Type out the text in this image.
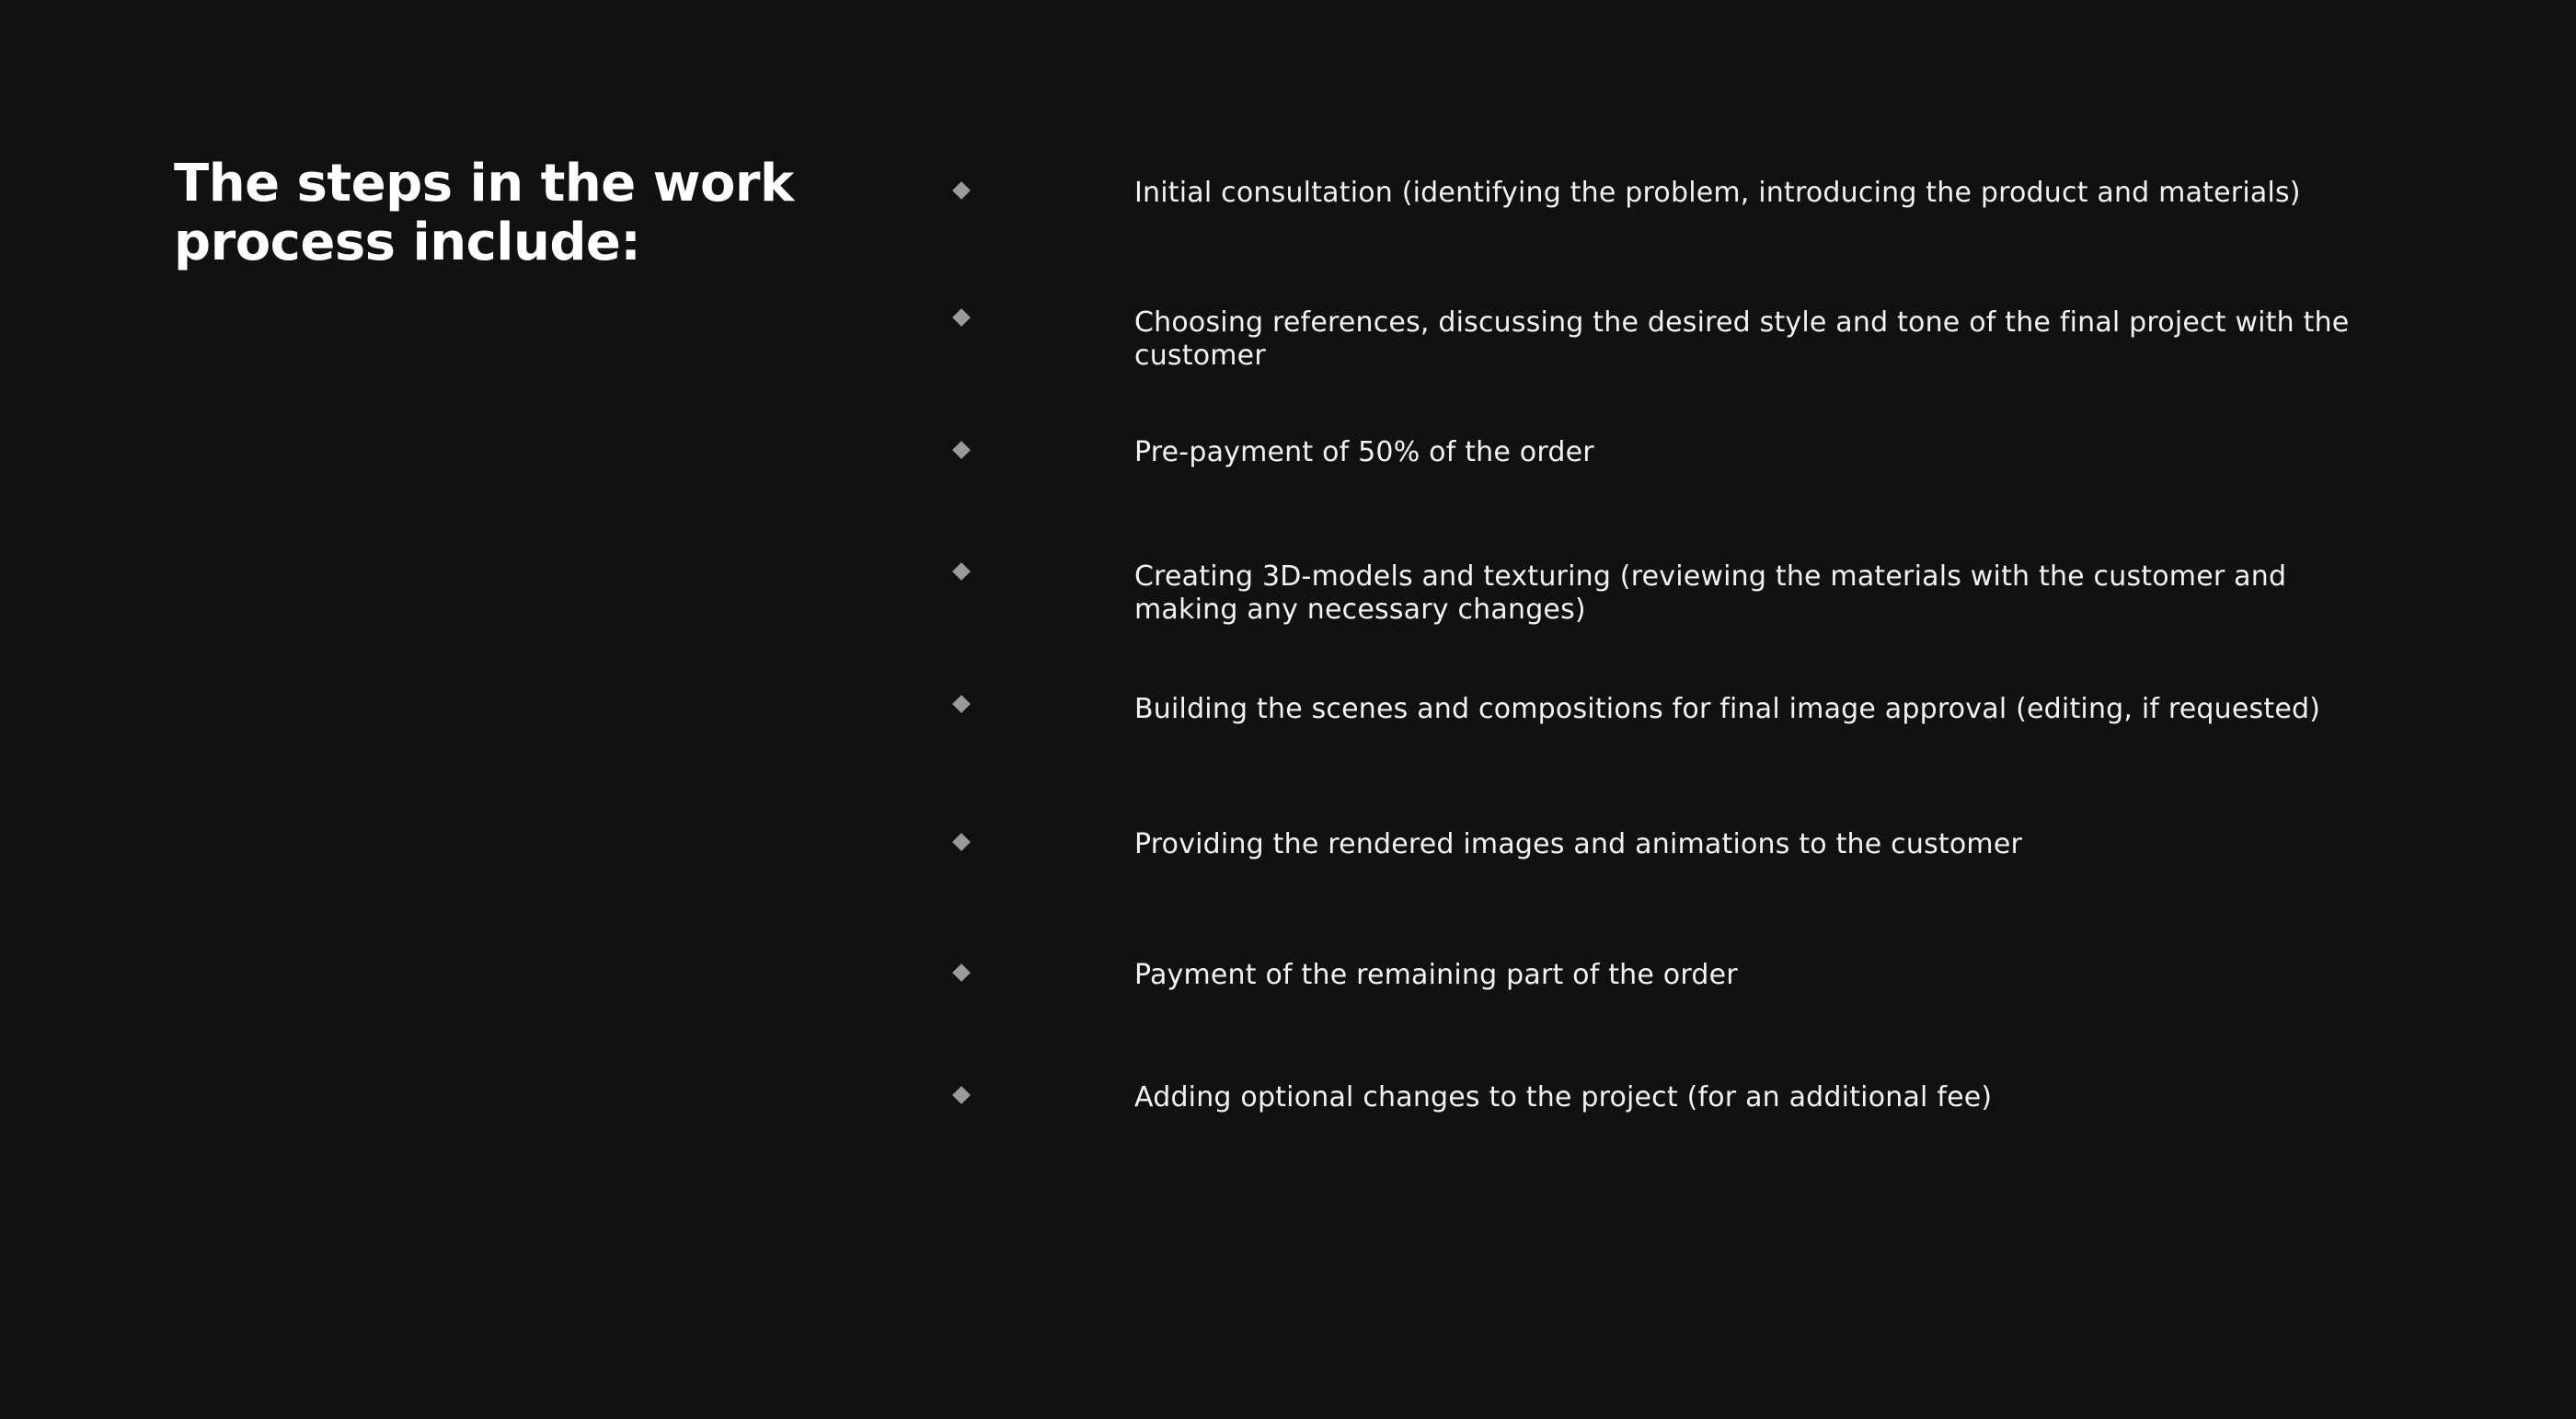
The steps in the work process include:
Initial consultation (identifying the problem, introducing the product and materials)
Choosing references, discussing the desired style and tone of the final project with the customer
Pre-payment of 50% of the order
Creating 3D-models and texturing (reviewing the materials with the customer and making any necessary changes)
Building the scenes and compositions for final image approval (editing, if requested)
Providing the rendered images and animations to the customer
Payment of the remaining part of the order
Adding optional changes to the project (for an additional fee)
